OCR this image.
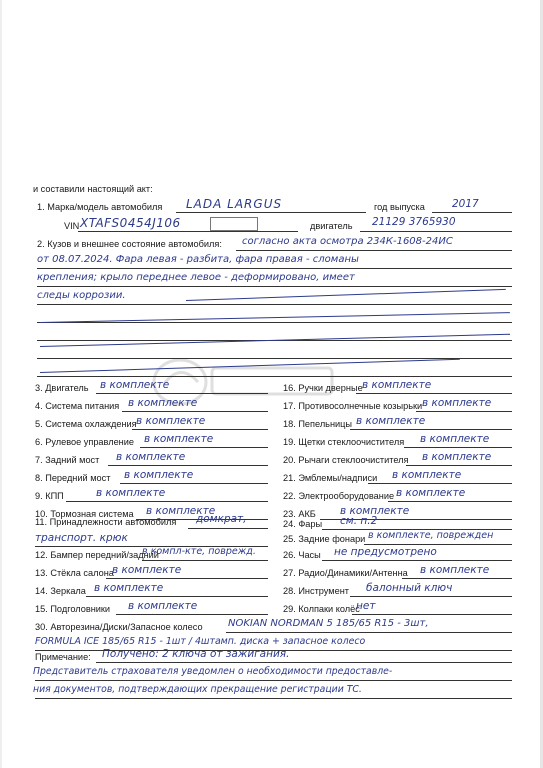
и составили настоящий акт:
1. Марка/модель автомобиля LADA LARGUS	год выпуска	2017
VIN XTAFS0454J106	двигатель 21129 3765930
2. Кузов и внешнее состояние автомобиля: согласно акта осмотра 234К-1608-24ИС
от 08.07.2024. Фара левая - разбита, фара правая - сломаны
крепления; крыло переднее левое - деформировано, имеет
следы коррозии.
3. Двигатель в комплекте
4. Система питания в комплекте
5. Система охлаждения в комплекте
6. Рулевое управление в комплекте
7. Задний мост в комплекте
8. Передний мост в комплекте
9. КПП	в комплекте
10. Тормозная система в комплекте
11. Принадлежности автомобиля домкрат,
транспорт. крюк
12. Бампер передний/задний
в компл-кте, поврежд.
13. Стёкла салона
в комплекте
14. Зеркала в комплекте
15. Подголовники в комплекте
16. Ручки дверные в комплекте
17. Противосолнечные козырьки в комплекте
18. Пепельницы в комплекте
19. Щетки стеклоочистителя в комплекте
20. Рычаги стеклоочистителя в комплекте
21. Эмблемы/надписи в комплекте
22. Электрооборудование в комплекте
23. АКБ в комплекте
24. Фары см. п.2
25. Задние фонари в комплекте, поврежден
26. Часы не предусмотрено
27. Радио/Динамики/Антенна в комплекте
28. Инструмент балонный ключ
29. Колпаки колёс
нет
30. Авторезина/Диски/Запасное колесо	NOKIAN NORDMAN 5 185/65 R15 - 3шт,
FORMULA ICE 185/65 R15 - 1шт / 4штамп. диска + запасное колесо
Примечание: Получено: 2 ключа от зажигания.
Представитель страхователя уведомлен о необходимости предоставле-
ния документов, подтверждающих прекращение регистрации ТС.
